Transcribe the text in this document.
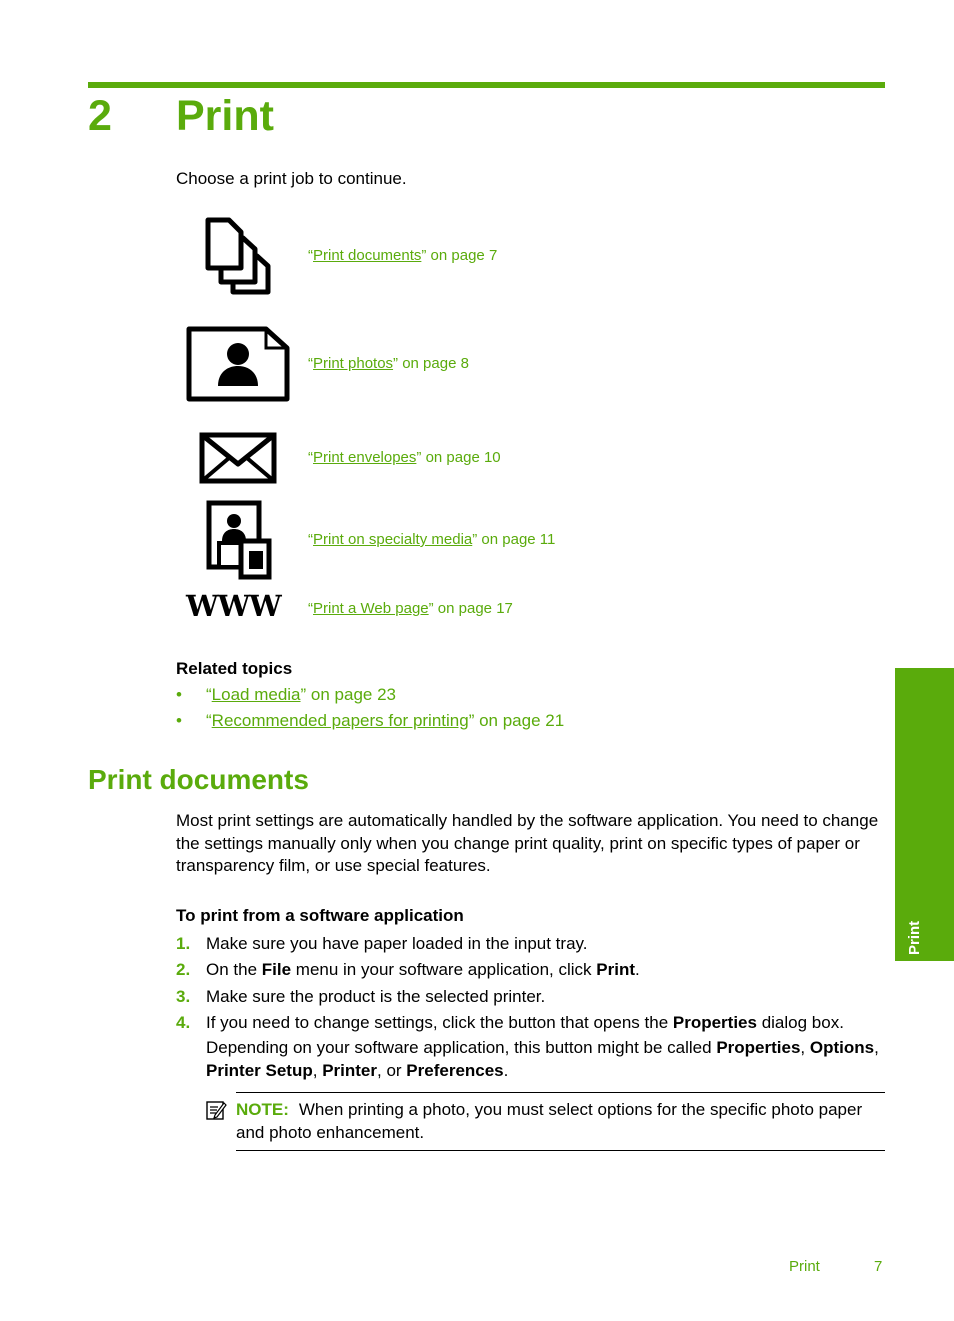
2 Print
Choose a print job to continue.
WWW
“Print documents” on page 7
“Print photos” on page 8
“Print envelopes” on page 10
“Print on specialty media” on page 11
“Print a Web page” on page 17
Related topics
• “Load media” on page 23
• “Recommended papers for printing” on page 21
Print documents
Most print settings are automatically handled by the software application. You need to change the settings manually only when you change print quality, print on specific types of paper or transparency film, or use special features.
To print from a software application
1. Make sure you have paper loaded in the input tray.
2. On the File menu in your software application, click Print.
3. Make sure the product is the selected printer.
4. If you need to change settings, click the button that opens the Properties dialog box.
Depending on your software application, this button might be called Properties, Options, Printer Setup, Printer, or Preferences.
NOTE: When printing a photo, you must select options for the specific photo paper and photo enhancement.
Print
Print	7
